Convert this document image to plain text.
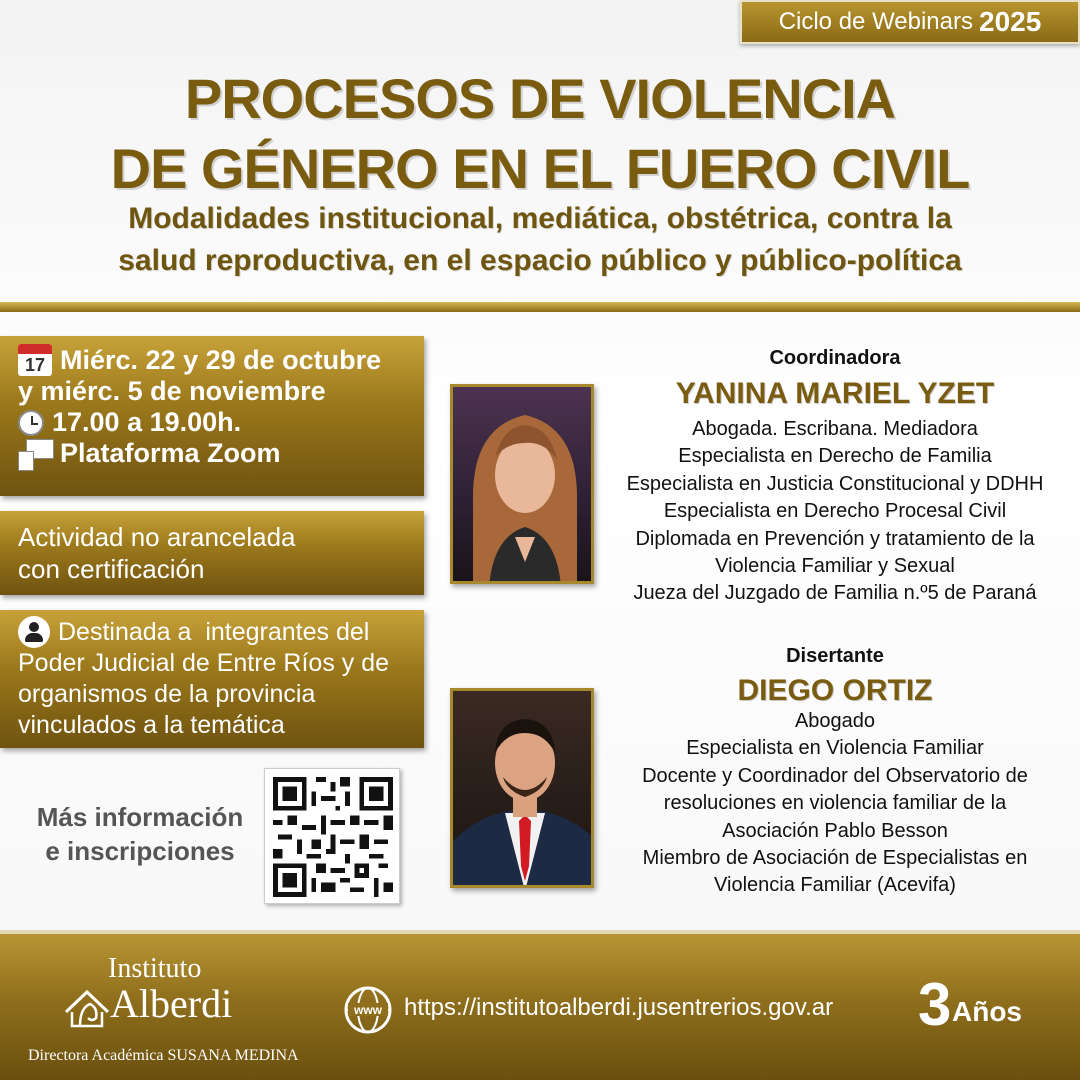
Ciclo de Webinars 2025
PROCESOS DE VIOLENCIA
DE GÉNERO EN EL FUERO CIVIL
Modalidades institucional, mediática, obstétrica, contra la
salud reproductiva, en el espacio público y público-política
17 Miérc. 22 y 29 de octubre
y miérc. 5 de noviembre
17.00 a 19.00h.
Plataforma Zoom
Actividad no arancelada
con certificación
Destinada a  integrantes del
Poder Judicial de Entre Ríos y de
organismos de la provincia
vinculados a la temática
Más información
e inscripciones
Coordinadora
YANINA MARIEL YZET
Abogada. Escribana. Mediadora
Especialista en Derecho de Familia
Especialista en Justicia Constitucional y DDHH
Especialista en Derecho Procesal Civil
Diplomada en Prevención y tratamiento de la
Violencia Familiar y Sexual
Jueza del Juzgado de Familia n.º5 de Paraná
Disertante
DIEGO ORTIZ
Abogado
Especialista en Violencia Familiar
Docente y Coordinador del Observatorio de
resoluciones en violencia familiar de la
Asociación Pablo Besson
Miembro de Asociación de Especialistas en
Violencia Familiar (Acevifa)
Instituto
Alberdi
Directora Académica SUSANA MEDINA
www https://institutoalberdi.jusentrerios.gov.ar 3 Años
